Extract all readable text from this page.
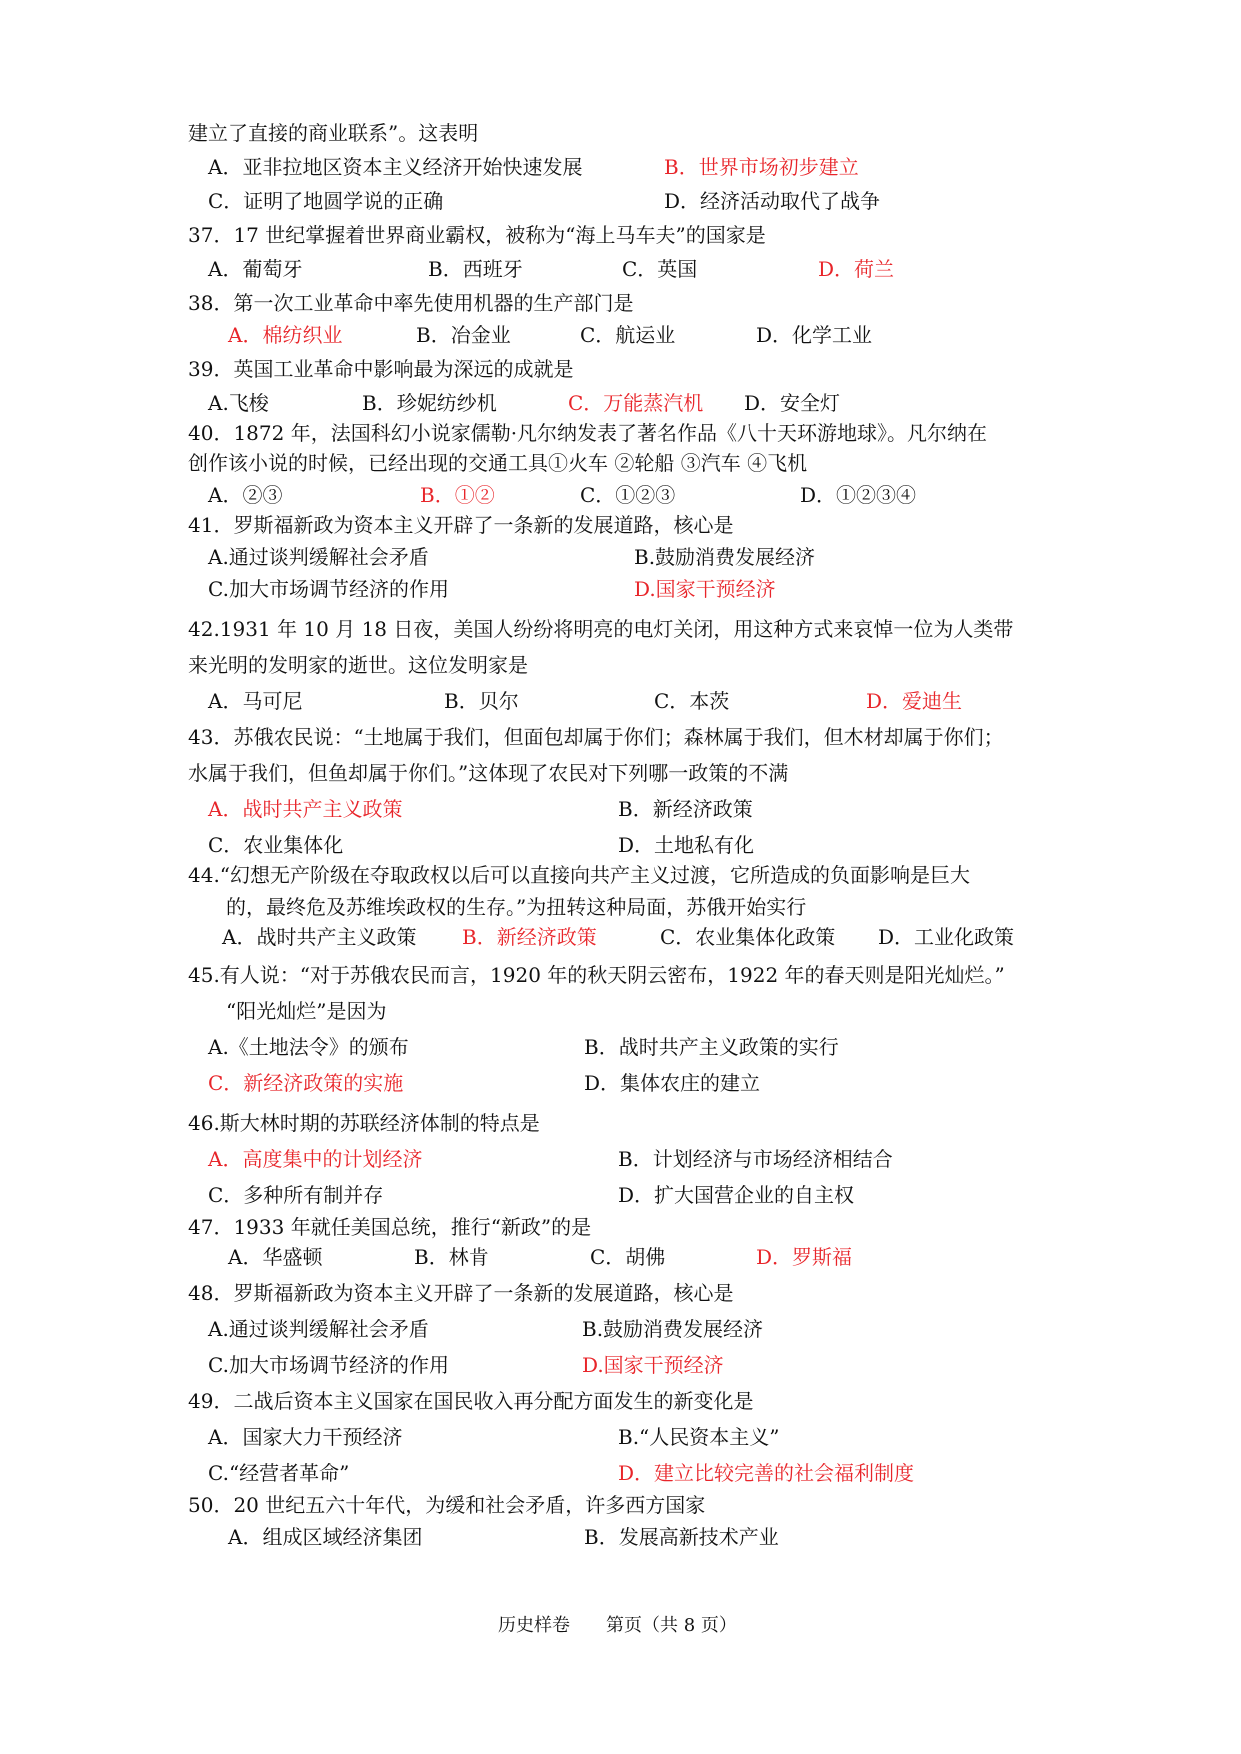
建立了直接的商业联系”。这表明
A．亚非拉地区资本主义经济开始快速发展	B．世界市场初步建立
C．证明了地圆学说的正确	D．经济活动取代了战争
37．17 世纪掌握着世界商业霸权，被称为“海上马车夫”的国家是
A．葡萄牙	B．西班牙	C．英国	D．荷兰
38．第一次工业革命中率先使用机器的生产部门是
A．棉纺织业	B．冶金业	C．航运业	D．化学工业
39．英国工业革命中影响最为深远的成就是
A.飞梭	B．珍妮纺纱机	C．万能蒸汽机 D．安全灯
40．1872 年，法国科幻小说家儒勒·凡尔纳发表了著名作品《八十天环游地球》。凡尔纳在
创作该小说的时候，已经出现的交通工具①火车 ②轮船 ③汽车 ④飞机
A．②③	B．①②	C．①②③	D．①②③④
41．罗斯福新政为资本主义开辟了一条新的发展道路，核心是
A.通过谈判缓解社会矛盾	B.鼓励消费发展经济
C.加大市场调节经济的作用	D.国家干预经济
42.1931 年 10 月 18 日夜，美国人纷纷将明亮的电灯关闭，用这种方式来哀悼一位为人类带
来光明的发明家的逝世。这位发明家是
A．马可尼	B．贝尔	C．本茨	D．爱迪生
43．苏俄农民说：“土地属于我们，但面包却属于你们；森林属于我们，但木材却属于你们；
水属于我们，但鱼却属于你们。”这体现了农民对下列哪一政策的不满
A．战时共产主义政策	B．新经济政策
C．农业集体化	D．土地私有化
44.“幻想无产阶级在夺取政权以后可以直接向共产主义过渡，它所造成的负面影响是巨大
的，最终危及苏维埃政权的生存。”为扭转这种局面，苏俄开始实行
A．战时共产主义政策 B．新经济政策	C．农业集体化政策 D．工业化政策
45.有人说：“对于苏俄农民而言，1920 年的秋天阴云密布，1922 年的春天则是阳光灿烂。”
“阳光灿烂”是因为
A.《土地法令》的颁布	B．战时共产主义政策的实行
C．新经济政策的实施	D．集体农庄的建立
46.斯大林时期的苏联经济体制的特点是
A．高度集中的计划经济	B．计划经济与市场经济相结合
C．多种所有制并存	D．扩大国营企业的自主权
47．1933 年就任美国总统，推行“新政”的是
A．华盛顿	B．林肯	C．胡佛	D．罗斯福
48．罗斯福新政为资本主义开辟了一条新的发展道路，核心是
A.通过谈判缓解社会矛盾	B.鼓励消费发展经济
C.加大市场调节经济的作用	D.国家干预经济
49．二战后资本主义国家在国民收入再分配方面发生的新变化是
A．国家大力干预经济	B.“人民资本主义”
C.“经营者革命”	D．建立比较完善的社会福利制度
50．20 世纪五六十年代，为缓和社会矛盾，许多西方国家
A．组成区域经济集团	B．发展高新技术产业
历史样卷　　第页（共 8 页）
